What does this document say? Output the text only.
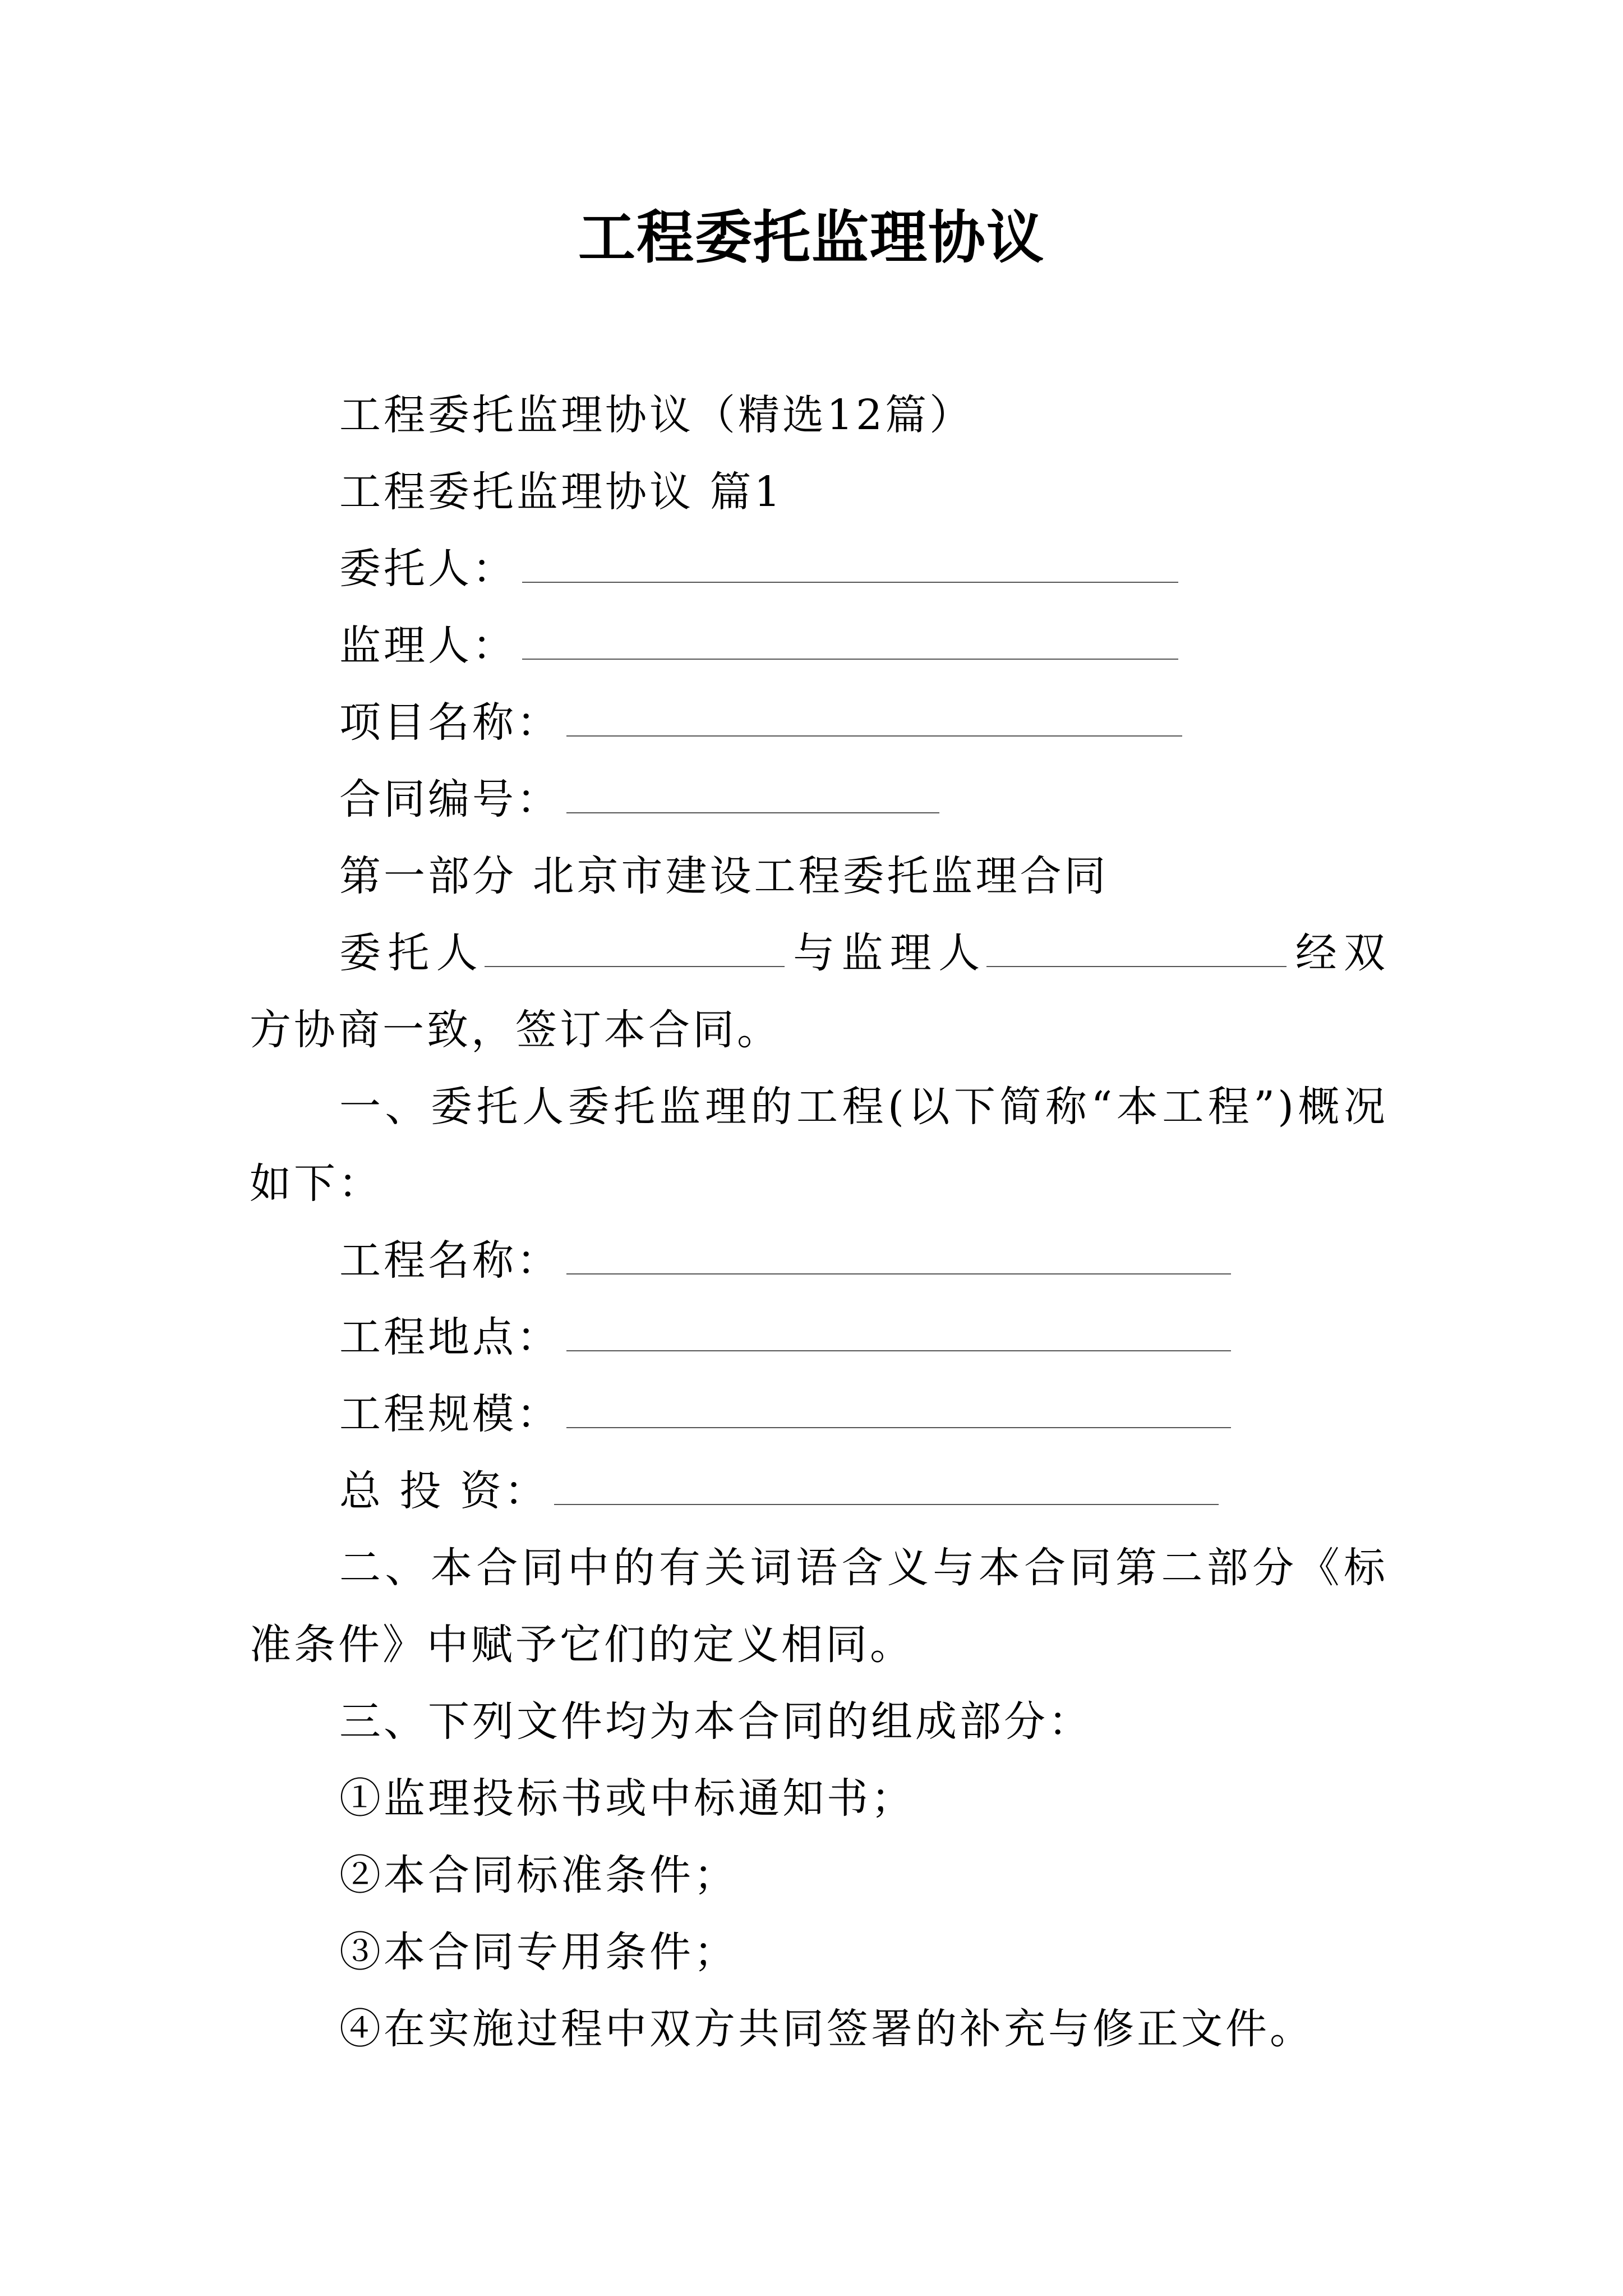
工程委托监理协议

工程委托监理协议（精选12篇）

工程委托监理协议 篇1

委托人：

监理人：

项目名称：

合同编号：

第一部分 北京市建设工程委托监理合同

委托人	与监理人	经双方协商一致，签订本合同。

一、委托人委托监理的工程(以下简称“本工程”)概况如下：

工程名称：

工程地点：

工程规模：

总 投 资：

二、本合同中的有关词语含义与本合同第二部分《标准条件》中赋予它们的定义相同。

三、下列文件均为本合同的组成部分：

①监理投标书或中标通知书；

②本合同标准条件；

③本合同专用条件；

④在实施过程中双方共同签署的补充与修正文件。
